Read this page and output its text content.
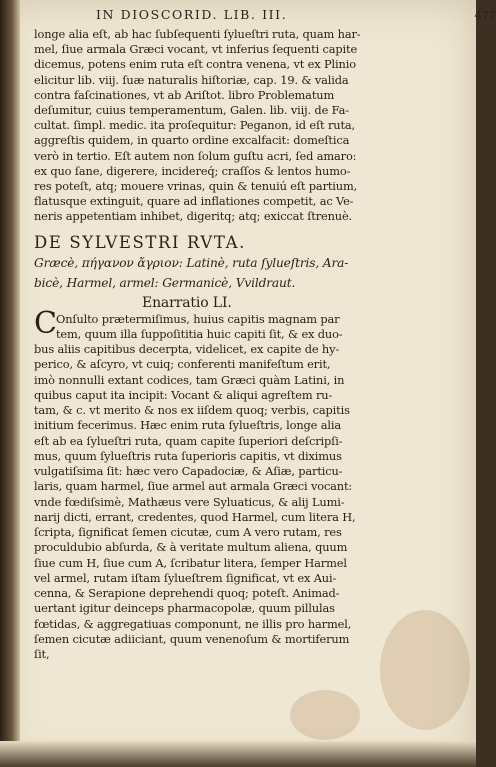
IN DIOSCORID. LIB. III.	477
longe alia eſt, ab hac ſubſequenti ſylueſtri ruta, quam har-
mel, ſiue armala Græci vocant, vt inferius ſequenti capite
dicemus, potens enim ruta eſt contra venena, vt ex Plinio
elicitur lib. viij. ſuæ naturalis hiſtoriæ, cap. 19. & valida
contra faſcinationes, vt ab Ariſtot. libro Problematum
deſumitur, cuius temperamentum, Galen. lib. viij. de Fa-
cultat. ſimpl. medic. ita proſequitur: Peganon, id eſt ruta,
aggreſtis quidem, in quarto ordine excalfacit: domeſtica
verò in tertio. Eſt autem non ſolum guſtu acri, ſed amaro:
ex quo ſane, digerere, incidereq́; craſſos & lentos humo-
res poteſt, atq; mouere vrinas, quin & tenuiú eſt partium,
flatusque extinguit, quare ad inflationes competit, ac Ve-
neris appetentiam inhibet, digeritq; atq; exiccat ſtrenuè.
DE SYLVESTRI RVTA.
Græcè, πήγανον ἄγριον: Latinè, ruta ſylueſtris, Ara-
bicè, Harmel, armel: Germanicè, Vvildraut.
Enarratio LI.
C Onſulto prætermiſimus, huius capitis magnam par
tem, quum illa ſuppoſititia huic capiti ſit, & ex duo-
bus aliis capitibus decerpta, videlicet, ex capite de hy-
perico, & aſcyro, vt cuiq; conferenti manifeſtum erit,
imò nonnulli extant codices, tam Græci quàm Latini, in
quibus caput ita incipit: Vocant & aliqui agreſtem ru-
tam, & c. vt merito & nos ex iiſdem quoq; verbis, capitis
initium fecerimus. Hæc enim ruta ſylueſtris, longe alia
eſt ab ea ſylueſtri ruta, quam capite ſuperiori deſcripſi-
mus, quum ſylueſtris ruta ſuperioris capitis, vt diximus
vulgatiſsima ſit: hæc vero Capadociæ, & Aſiæ, particu-
laris, quam harmel, ſiue armel aut armala Græci vocant:
vnde fœdiſsimè, Mathæus vere Syluaticus, & alij Lumi-
narij dicti, errant, credentes, quod Harmel, cum litera H,
ſcripta, ſignificat ſemen cicutæ, cum A vero rutam, res
proculdubio abſurda, & à veritate multum aliena, quum
ſiue cum H, ſiue cum A, ſcribatur litera, ſemper Harmel
vel armel, rutam iſtam ſylueſtrem ſignificat, vt ex Aui-
cenna, & Serapione deprehendi quoq; poteſt. Animad-
uertant igitur deinceps pharmacopolæ, quum pillulas
fœtidas, & aggregatiuas componunt, ne illis pro harmel,
ſemen cicutæ adiiciant, quum venenoſum & mortiferum
ſit,
